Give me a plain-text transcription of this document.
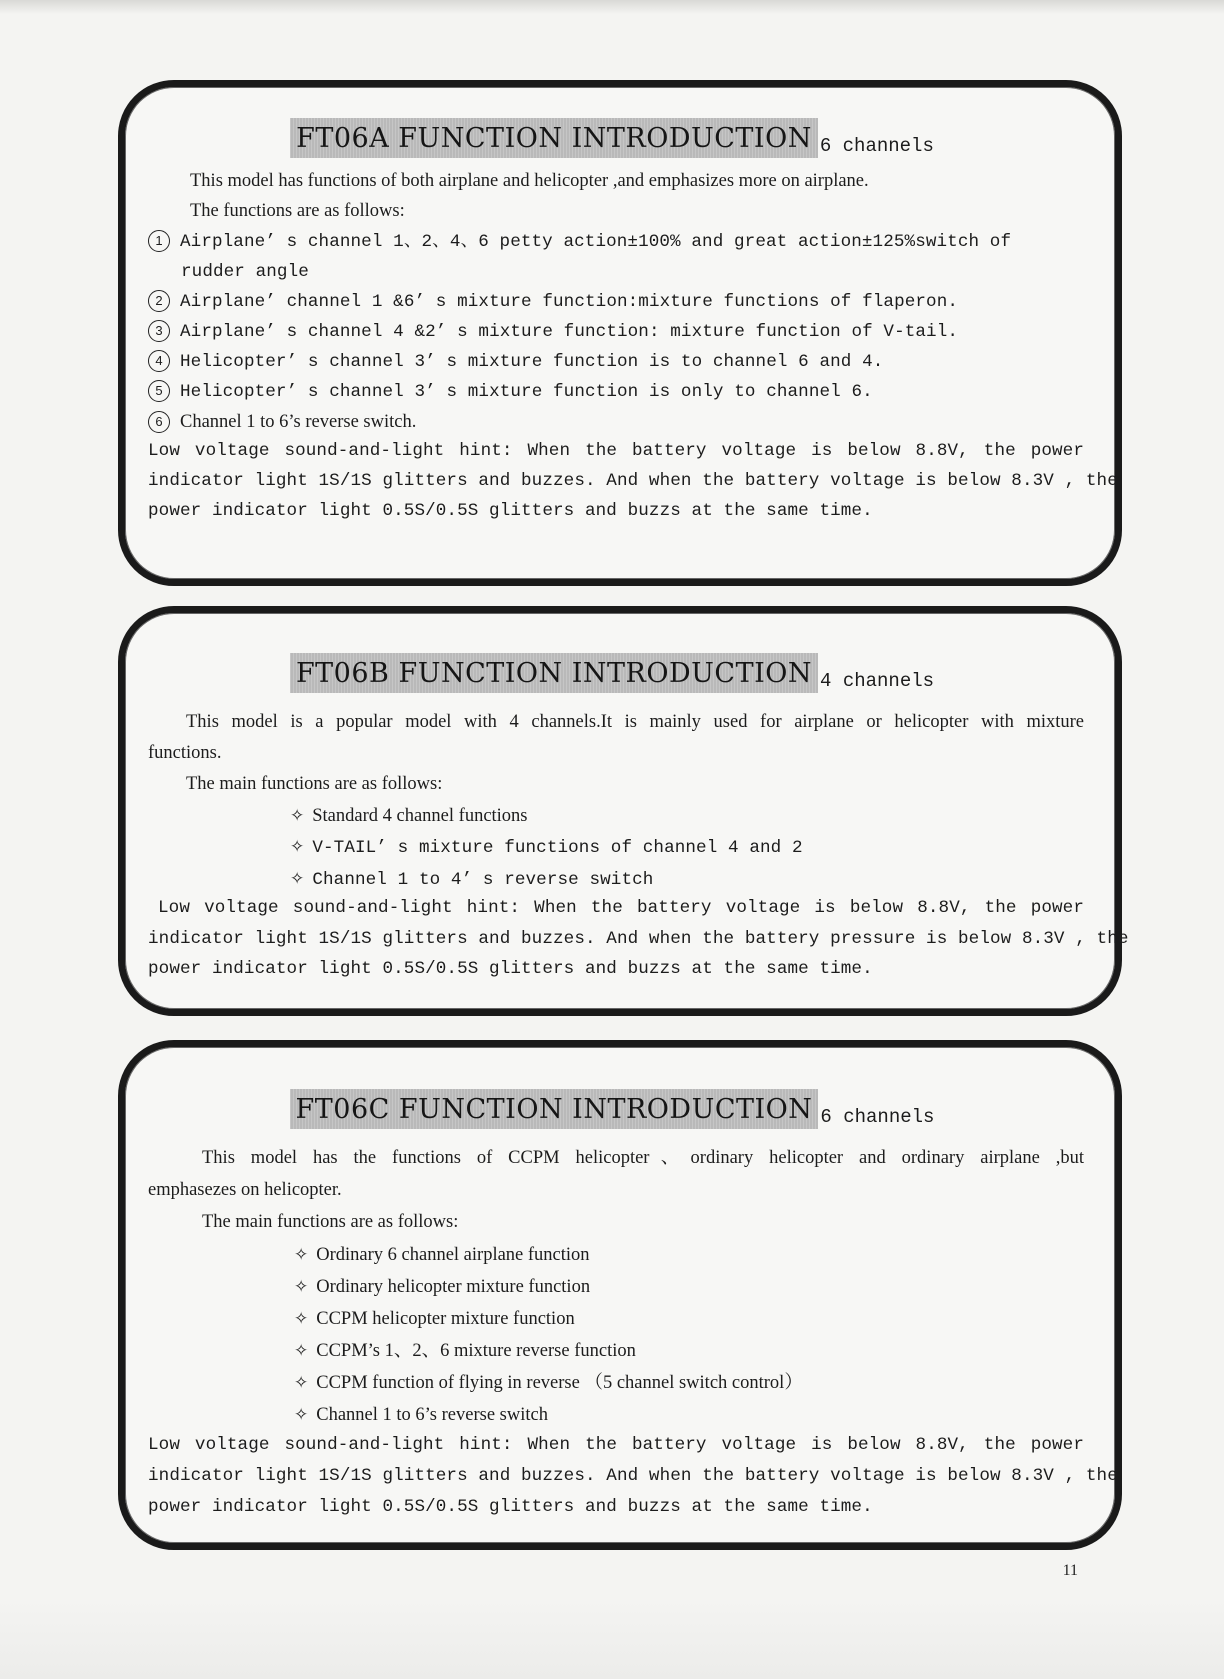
FT06A FUNCTION INTRODUCTION 6 channels
This model has functions of both airplane and helicopter ,and emphasizes more on airplane.
The functions are as follows:
1 Airplane’ s channel 1、2、4、6 petty action±100% and great action±125%switch of
rudder angle
2 Airplane’ channel 1 &6’ s mixture function:mixture functions of flaperon.
3 Airplane’ s channel 4 &2’ s mixture function: mixture function of V-tail.
4 Helicopter’ s channel 3’ s mixture function is to channel 6 and 4.
5 Helicopter’ s channel 3’ s mixture function is only to channel 6.
6 Channel 1 to 6’s reverse switch.
Low voltage sound-and-light hint: When the battery voltage is below 8.8V, the power
indicator light 1S/1S glitters and buzzes. And when the battery voltage is below 8.3V , the
power indicator light 0.5S/0.5S glitters and buzzs at the same time.
FT06B FUNCTION INTRODUCTION 4 channels
This model is a popular model with 4 channels.It is mainly used for airplane or helicopter with mixture
functions.
The main functions are as follows:
✧ Standard 4 channel functions
✧ V-TAIL’ s mixture functions of channel 4 and 2
✧ Channel 1 to 4’ s reverse switch
Low voltage sound-and-light hint: When the battery voltage is below 8.8V, the power
indicator light 1S/1S glitters and buzzes. And when the battery pressure is below 8.3V , the
power indicator light 0.5S/0.5S glitters and buzzs at the same time.
FT06C FUNCTION INTRODUCTION 6 channels
This model has the functions of CCPM helicopter、ordinary helicopter and ordinary airplane ,but
emphasezes on helicopter.
The main functions are as follows:
✧ Ordinary 6 channel airplane function
✧ Ordinary helicopter mixture function
✧ CCPM helicopter mixture function
✧ CCPM’s 1、2、6 mixture reverse function
✧ CCPM function of flying in reverse （5 channel switch control）
✧ Channel 1 to 6’s reverse switch
Low voltage sound-and-light hint: When the battery voltage is below 8.8V, the power
indicator light 1S/1S glitters and buzzes. And when the battery voltage is below 8.3V , the
power indicator light 0.5S/0.5S glitters and buzzs at the same time.
11
